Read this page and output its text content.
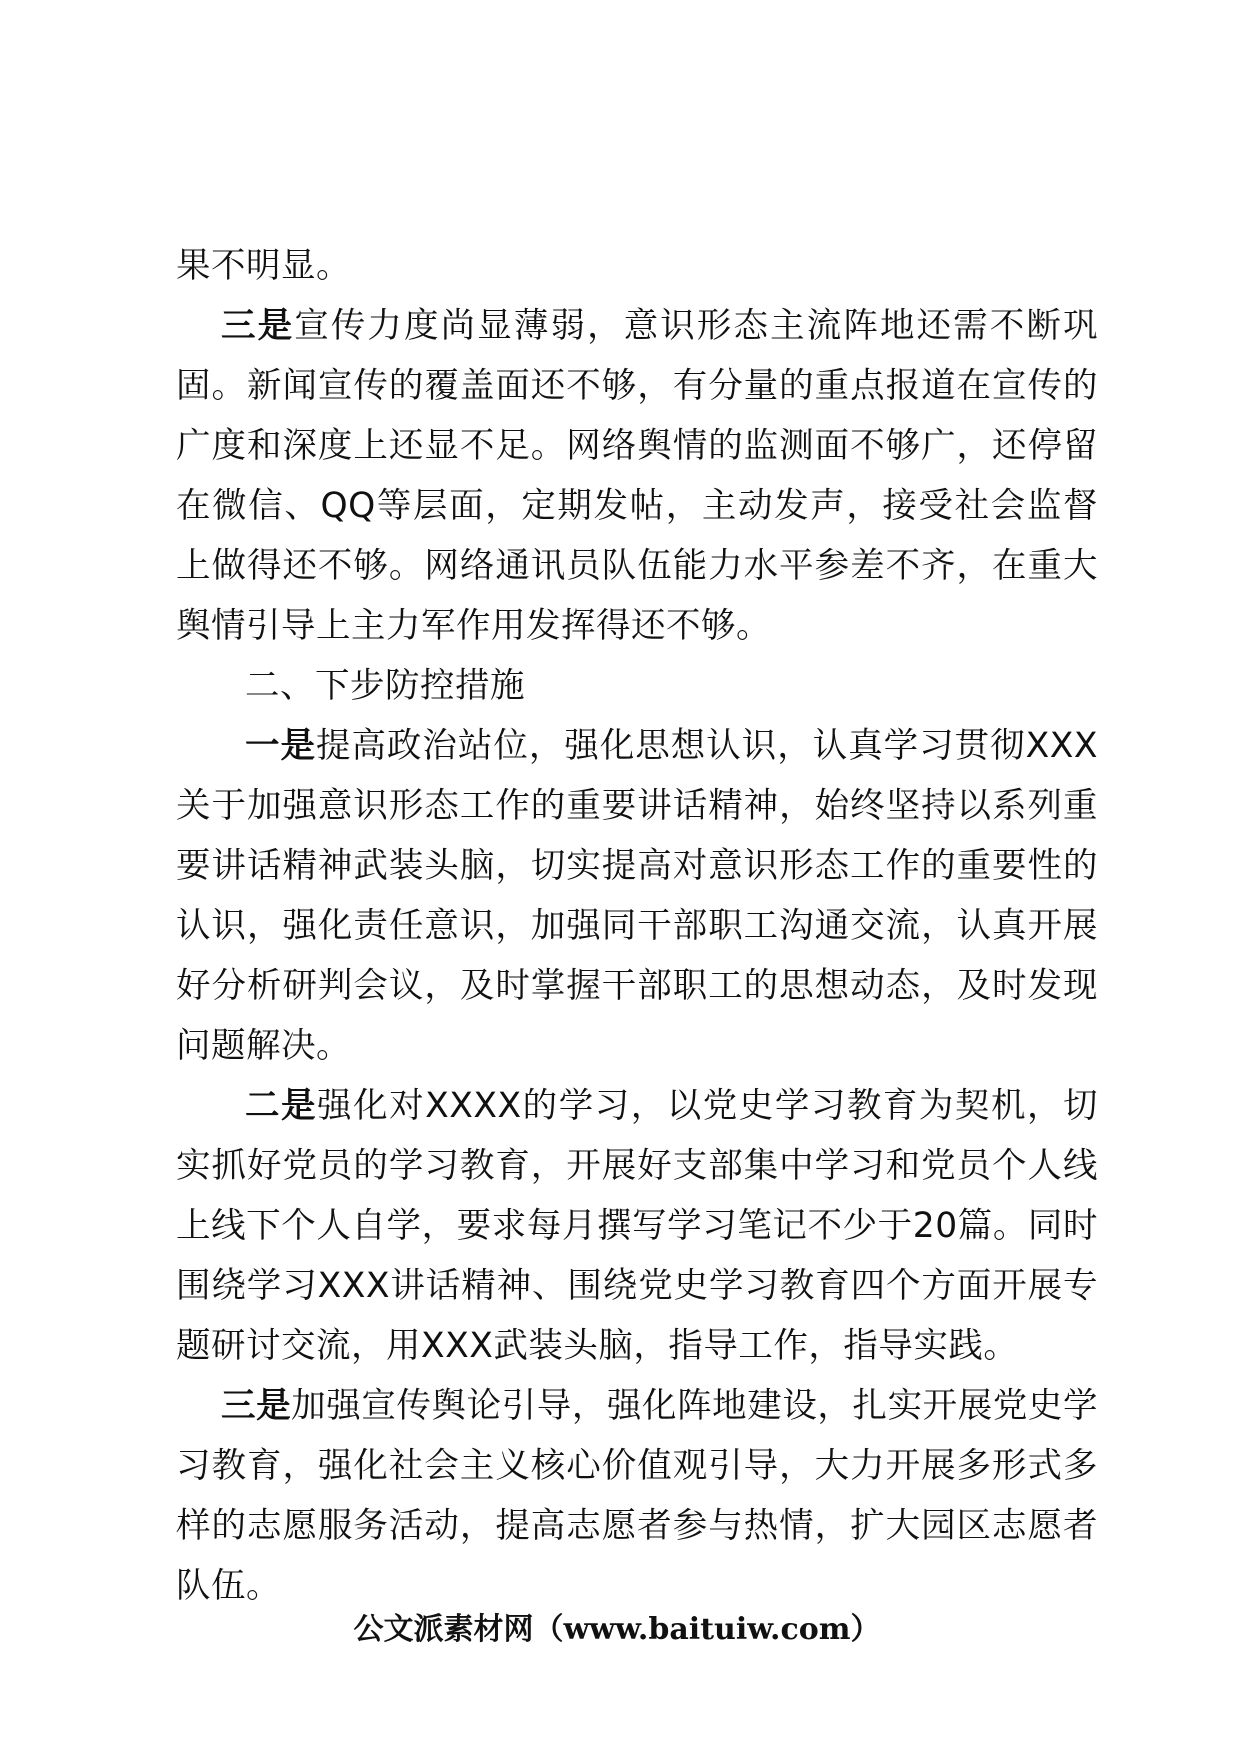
果不明显。

三是宣传力度尚显薄弱，意识形态主流阵地还需不断巩固。新闻宣传的覆盖面还不够，有分量的重点报道在宣传的广度和深度上还显不足。网络舆情的监测面不够广，还停留在微信、QQ等层面，定期发帖，主动发声，接受社会监督上做得还不够。网络通讯员队伍能力水平参差不齐，在重大舆情引导上主力军作用发挥得还不够。

二、下步防控措施

一是提高政治站位，强化思想认识，认真学习贯彻XXX关于加强意识形态工作的重要讲话精神，始终坚持以系列重要讲话精神武装头脑，切实提高对意识形态工作的重要性的认识，强化责任意识，加强同干部职工沟通交流，认真开展好分析研判会议，及时掌握干部职工的思想动态，及时发现问题解决。

二是强化对XXXX的学习，以党史学习教育为契机，切实抓好党员的学习教育，开展好支部集中学习和党员个人线上线下个人自学，要求每月撰写学习笔记不少于20篇。同时围绕学习XXX讲话精神、围绕党史学习教育四个方面开展专题研讨交流，用XXX武装头脑，指导工作，指导实践。

三是加强宣传舆论引导，强化阵地建设，扎实开展党史学习教育，强化社会主义核心价值观引导，大力开展多形式多样的志愿服务活动，提高志愿者参与热情，扩大园区志愿者队伍。

公文派素材网（www.baituiw.com）
